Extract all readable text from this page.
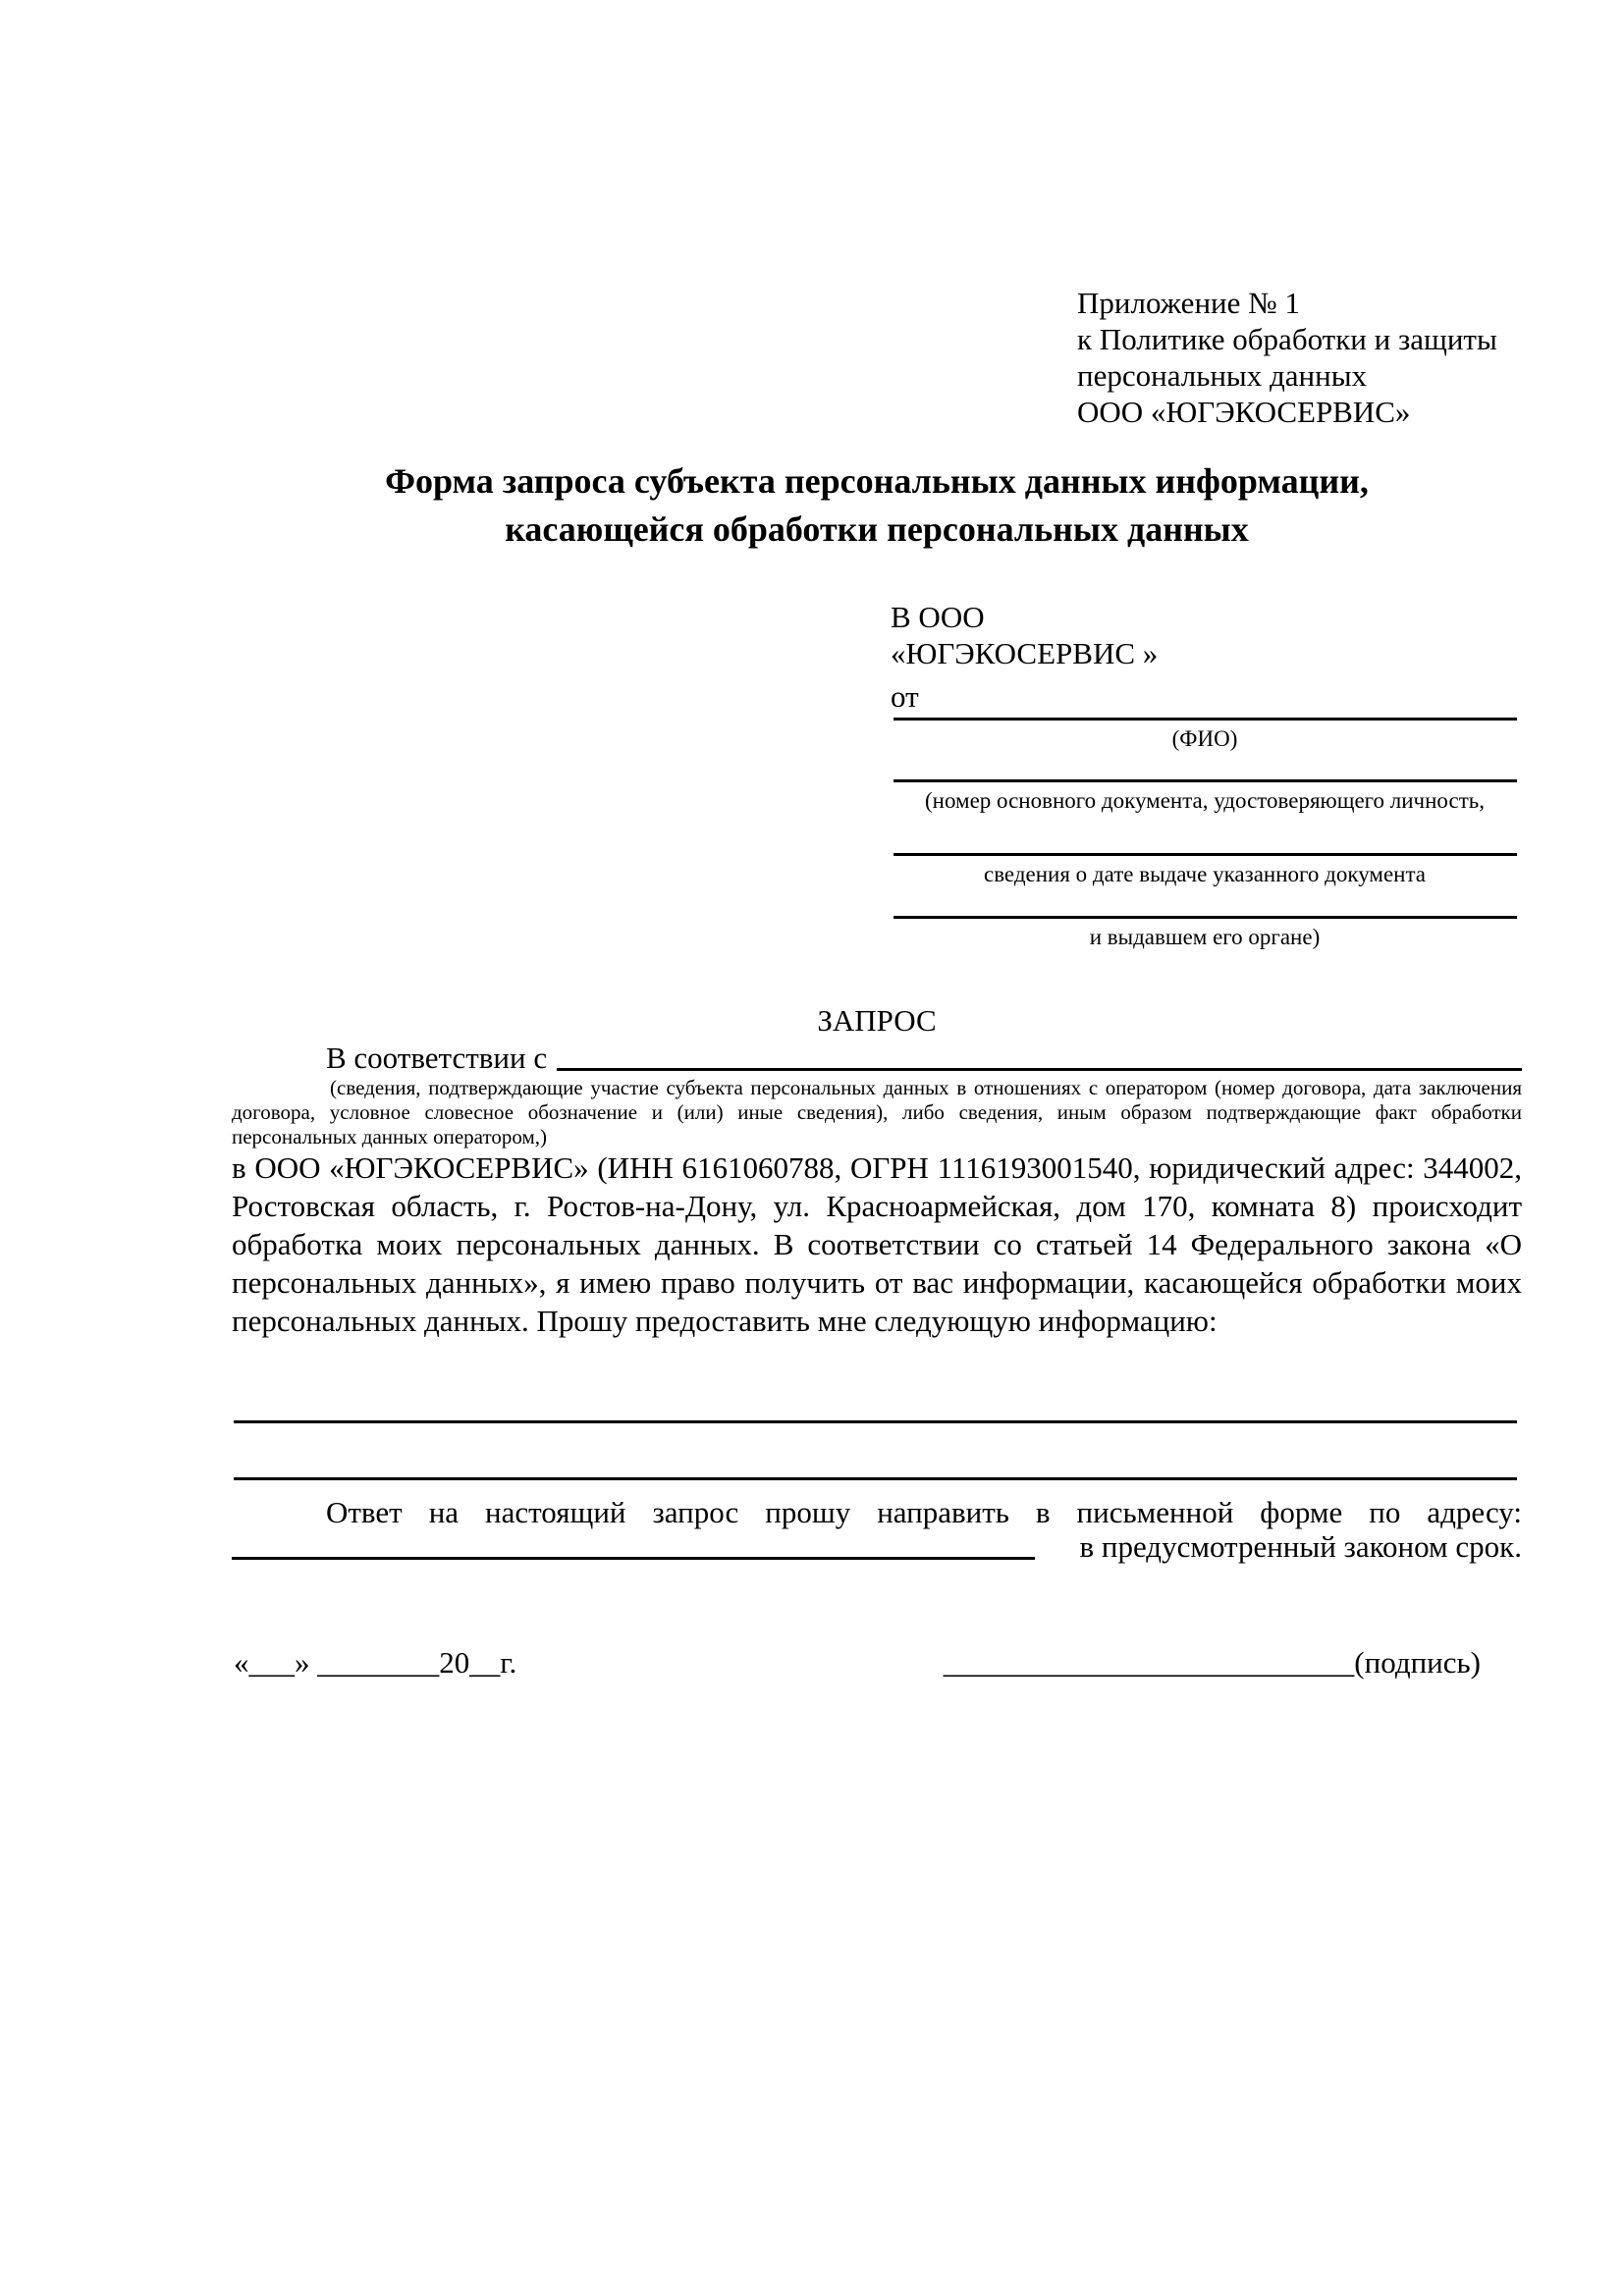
Приложение № 1
к Политике обработки и защиты
персональных данных
ООО «ЮГЭКОСЕРВИС»
Форма запроса субъекта персональных данных информации,
касающейся обработки персональных данных
В ООО
«ЮГЭКОСЕРВИС »
от
(ФИО)
(номер основного документа, удостоверяющего личность,
сведения о дате выдаче указанного документа
и выдавшем его органе)
ЗАПРОС
В соответствии с
(сведения, подтверждающие участие субъекта персональных данных в отношениях с оператором (номер договора, дата заключения договора, условное словесное обозначение и (или) иные сведения), либо сведения, иным образом подтверждающие факт обработки персональных данных оператором,)
в ООО «ЮГЭКОСЕРВИС» (ИНН 6161060788, ОГРН 1116193001540, юридический адрес: 344002, Ростовская область, г. Ростов-на-Дону, ул. Красноармейская, дом 170, комната 8) происходит обработка моих персональных данных. В соответствии со статьей 14 Федерального закона «О персональных данных», я имею право получить от вас информации, касающейся обработки моих персональных данных. Прошу предоставить мне следующую информацию:
Ответ на настоящий запрос прошу направить в письменной форме по адресу:
в предусмотренный законом срок.
«___» ________20__г.	___________________________(подпись)
